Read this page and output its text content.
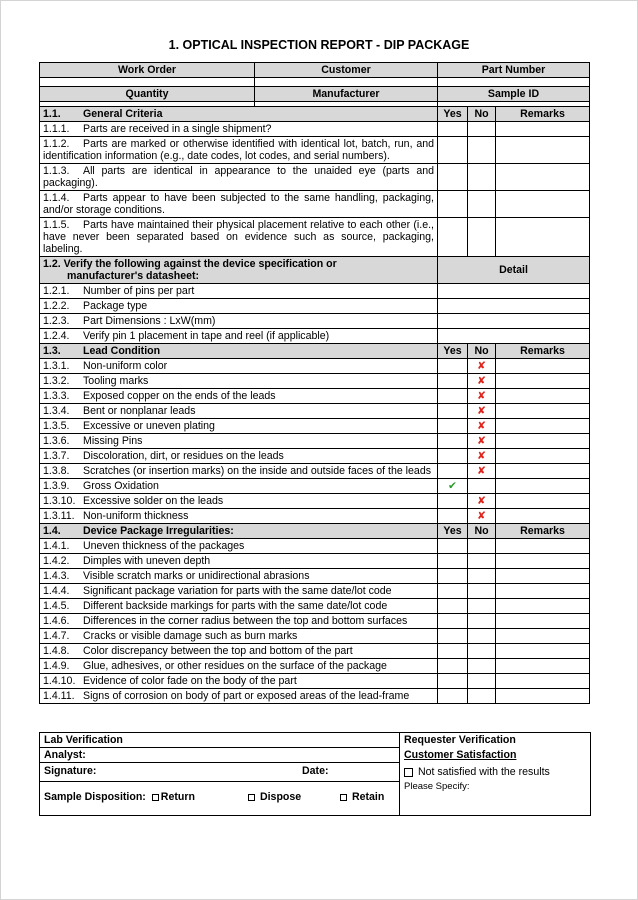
1. OPTICAL INSPECTION REPORT - DIP PACKAGE
Work Order	Customer	Part Number

Quantity	Manufacturer	Sample ID

1.1. General Criteria	Yes	No	Remarks
1.1.1. Parts are received in a single shipment?			
1.1.2. Parts are marked or otherwise identified with identical lot, batch, run, and identification information (e.g., date codes, lot codes, and serial numbers).			
1.1.3. All parts are identical in appearance to the unaided eye (parts and packaging).			
1.1.4. Parts appear to have been subjected to the same handling, packaging, and/or storage conditions.			
1.1.5. Parts have maintained their physical placement relative to each other (i.e., have never been separated based on evidence such as source, packaging, labeling.			

1.2. Verify the following against the device specification or
manufacturer's datasheet:	Detail		
1.2.1. Number of pins per part			
1.2.2. Package type			
1.2.3. Part Dimensions : LxW(mm)			
1.2.4. Verify pin 1 placement in tape and reel (if applicable)			
1.3. Lead Condition	Yes	No	Remarks
1.3.1. Non-uniform color		✘	
1.3.2. Tooling marks		✘	
1.3.3. Exposed copper on the ends of the leads		✘	
1.3.4. Bent or nonplanar leads		✘	
1.3.5. Excessive or uneven plating		✘	
1.3.6. Missing Pins		✘	
1.3.7. Discoloration, dirt, or residues on the leads		✘	
1.3.8. Scratches (or insertion marks) on the inside and outside faces of the leads		✘	
1.3.9. Gross Oxidation	✔		
1.3.10. Excessive solder on the leads		✘	
1.3.11. Non-uniform thickness		✘	
1.4. Device Package Irregularities:	Yes	No	Remarks
1.4.1. Uneven thickness of the packages			
1.4.2. Dimples with uneven depth			
1.4.3. Visible scratch marks or unidirectional abrasions			
1.4.4. Significant package variation for parts with the same date/lot code			
1.4.5. Different backside markings for parts with the same date/lot code			
1.4.6. Differences in the corner radius between the top and bottom surfaces			
1.4.7. Cracks or visible damage such as burn marks			
1.4.8. Color discrepancy between the top and bottom of the part			
1.4.9. Glue, adhesives, or other residues on the surface of the package			
1.4.10. Evidence of color fade on the body of the part			
1.4.11. Signs of corrosion on body of part or exposed areas of the lead-frame			
Lab Verification	Requester Verification
Analyst:	Customer Satisfaction
Signature:	Date:	Not satisfied with the results
Please Specify:
Sample Disposition: Return	Dispose	Retain
